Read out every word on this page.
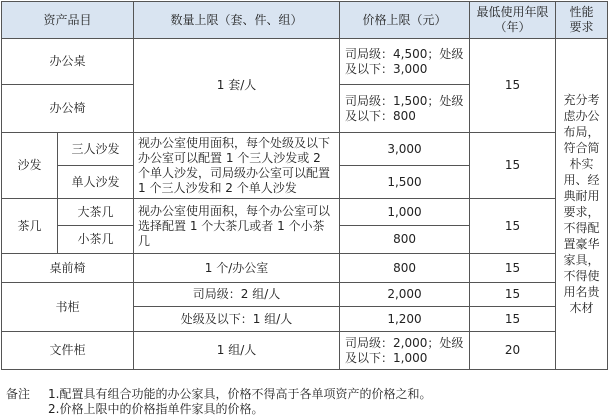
资产品目		数量上限（套、件、组）	价格上限（元）	最低使用年限（年）	性能要求
办公桌		1 套/人	司局级：4,500；处级及以下：3,000	15	充分考虑办公布局，符合简朴实用、经典耐用要求，不得配置豪华家具，不得使用名贵木材
办公椅			司局级：1,500；处级及以下：800		
沙发	三人沙发	视办公室使用面积，每个处级及以下办公室可以配置 1 个三人沙发或 2 个单人沙发，司局级办公室可以配置 1 个三人沙发和 2 个单人沙发	3,000	15	
	单人沙发		1,500		
茶几	大茶几	视办公室使用面积，每个办公室可以选择配置 1 个大茶几或者 1 个小茶几	1,000	15	
	小茶几		800		
桌前椅		1 个/办公室	800	15	
书柜		司局级：2 组/人	2,000	15	
		处级及以下：1 组/人	1,200	15	
文件柜		1 组/人	司局级：2,000；处级及以下：1,000	20	
备注 1.配置具有组合功能的办公家具，价格不得高于各单项资产的价格之和。
2.价格上限中的价格指单件家具的价格。
